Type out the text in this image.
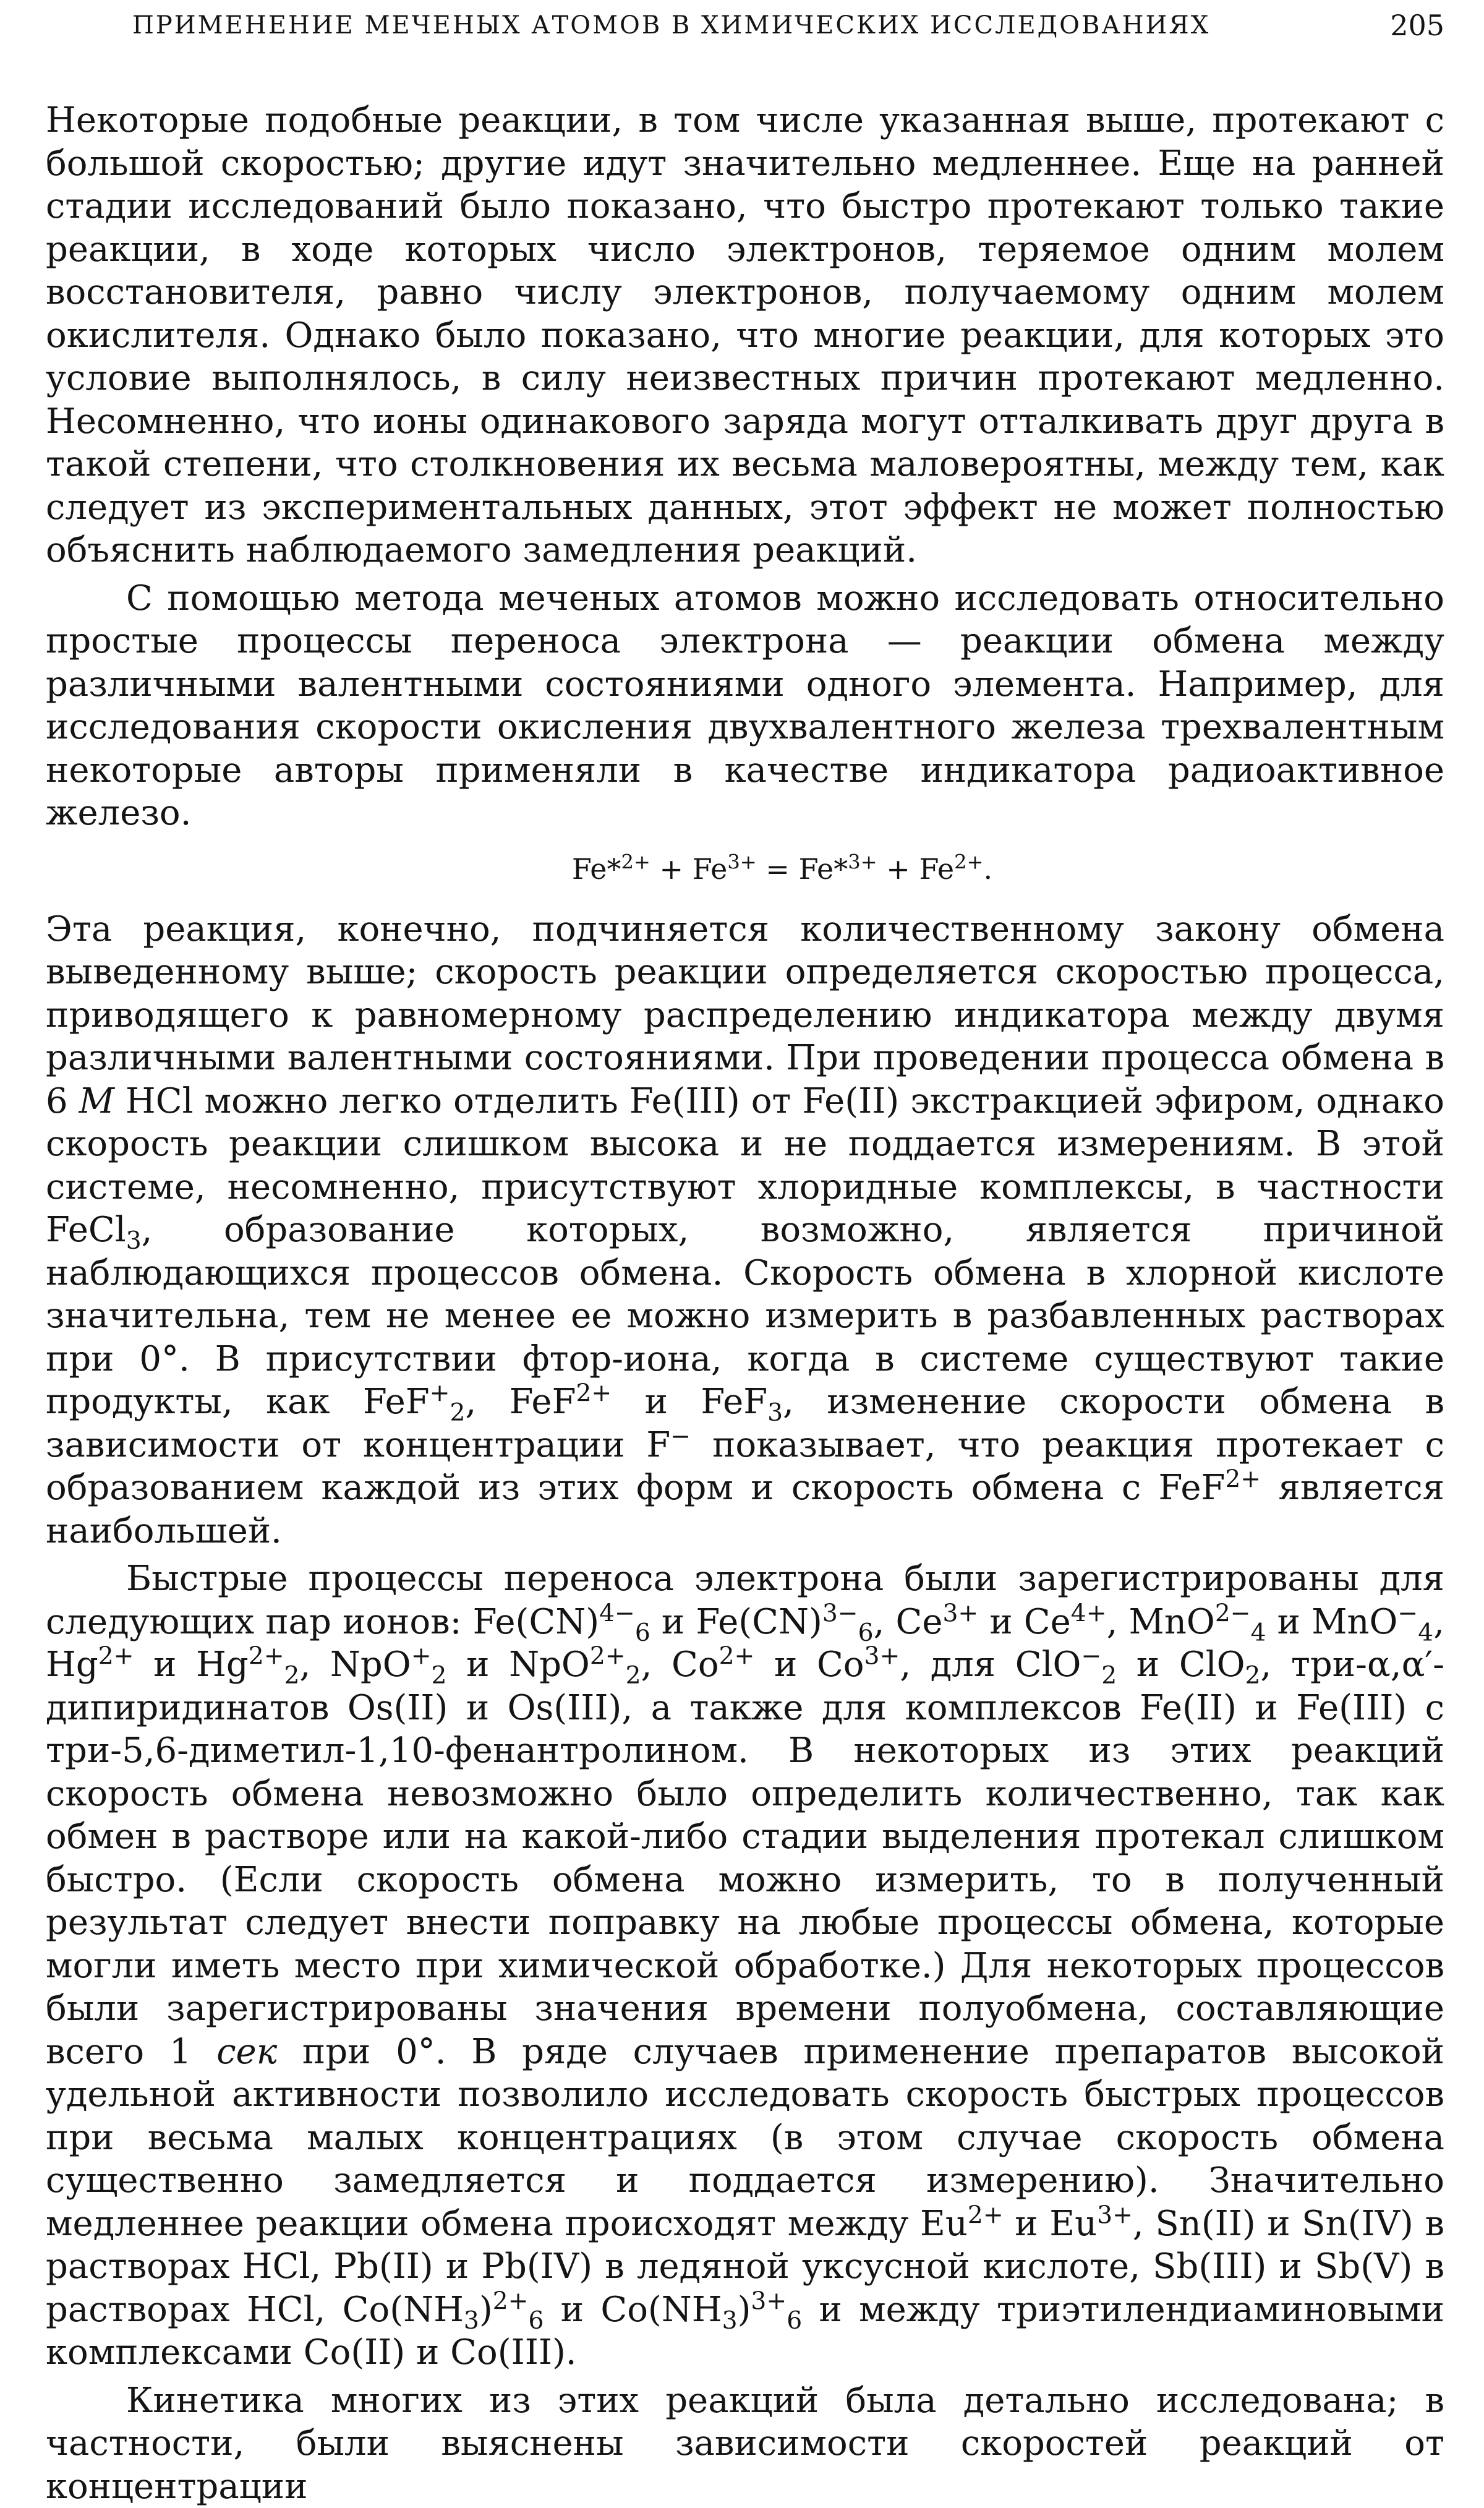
ПРИМЕНЕНИЕ МЕЧЕНЫХ АТОМОВ В ХИМИЧЕСКИХ ИССЛЕДОВАНИЯХ	205

Некоторые подобные реакции, в том числе указанная выше, протекают с большой скоростью; другие идут значительно медленнее. Еще на ранней стадии исследований было показано, что быстро протекают только такие реакции, в ходе которых число электронов, теряемое одним молем восстановителя, равно числу электронов, получаемому одним молем окислителя. Однако было показано, что многие реакции, для которых это условие выполнялось, в силу неизвестных причин протекают медленно. Несомненно, что ионы одинакового заряда могут отталкивать друг друга в такой степени, что столкновения их весьма маловероятны, между тем, как следует из экспериментальных данных, этот эффект не может полностью объяснить наблюдаемого замедления реакций.

С помощью метода меченых атомов можно исследовать относительно простые процессы переноса электрона — реакции обмена между различными валентными состояниями одного элемента. Например, для исследования скорости окисления двухвалентного железа трехвалентным некоторые авторы применяли в качестве индикатора радиоактивное железо.

$Fe*^{2+} + Fe^{3+} = Fe*^{3+} + Fe^{2+}$.

Эта реакция, конечно, подчиняется количественному закону обмена выведенному выше; скорость реакции определяется скоростью процесса, приводящего к равномерному распределению индикатора между двумя различными валентными состояниями. При проведении процесса обмена в 6 М HCl можно легко отделить Fe(III) от Fe(II) экстракцией эфиром, однако скорость реакции слишком высока и не поддается измерениям. В этой системе, несомненно, присутствуют хлоридные комплексы, в частности FeCl$_3$, образование которых, возможно, является причиной наблюдающихся процессов обмена. Скорость обмена в хлорной кислоте значительна, тем не менее ее можно измерить в разбавленных растворах при 0°. В присутствии фтор-иона, когда в системе существуют такие продукты, как FeF+$_2$, FeF$^{2+}$ и FeF$_3$, изменение скорости обмена в зависимости от концентрации F− показывает, что реакция протекает с образованием каждой из этих форм и скорость обмена с FeF$^{2+}$ является наибольшей.

Быстрые процессы переноса электрона были зарегистрированы для следующих пар ионов: Fe(CN)$^{4-}_6$ и Fe(CN)$^{3-}_6$, $Ce^{3+}$ и $Ce^{4+}$, MnO$^{2-}_4$ и MnO−$_4$, $Hg^{2+}$ и $Hg^{2+}_2$, NpO+$_2$ и NpO$^{2+}_2$, $Co^{2+}$ и $Co^{3+}$, для ClO−$_2$ и ClO$_2$, три-α,α′-дипиридинатов Os(II) и Os(III), а также для комплексов Fe(II) и Fe(III) с три-5,6-диметил-1,10-фенантролином. В некоторых из этих реакций скорость обмена невозможно было определить количественно, так как обмен в растворе или на какой-либо стадии выделения протекал слишком быстро. (Если скорость обмена можно измерить, то в полученный результат следует внести поправку на любые процессы обмена, которые могли иметь место при химической обработке.) Для некоторых процессов были зарегистрированы значения времени полуобмена, составляющие всего 1 сек при 0°. В ряде случаев применение препаратов высокой удельной активности позволило исследовать скорость быстрых процессов при весьма малых концентрациях (в этом случае скорость обмена существенно замедляется и поддается измерению). Значительно медленнее реакции обмена происходят между $Eu^{2+}$ и $Eu^{3+}$, Sn(II) и Sn(IV) в растворах HCl, Pb(II) и Pb(IV) в ледяной уксусной кислоте, Sb(III) и Sb(V) в растворах HCl, $Co(NH_3)^{2+}_6$ и $Co(NH_3)^{3+}_6$ и между триэтилендиаминовыми комплексами Co(II) и Co(III).

Кинетика многих из этих реакций была детально исследована; в частности, были выяснены зависимости скоростей реакций от концентрации
